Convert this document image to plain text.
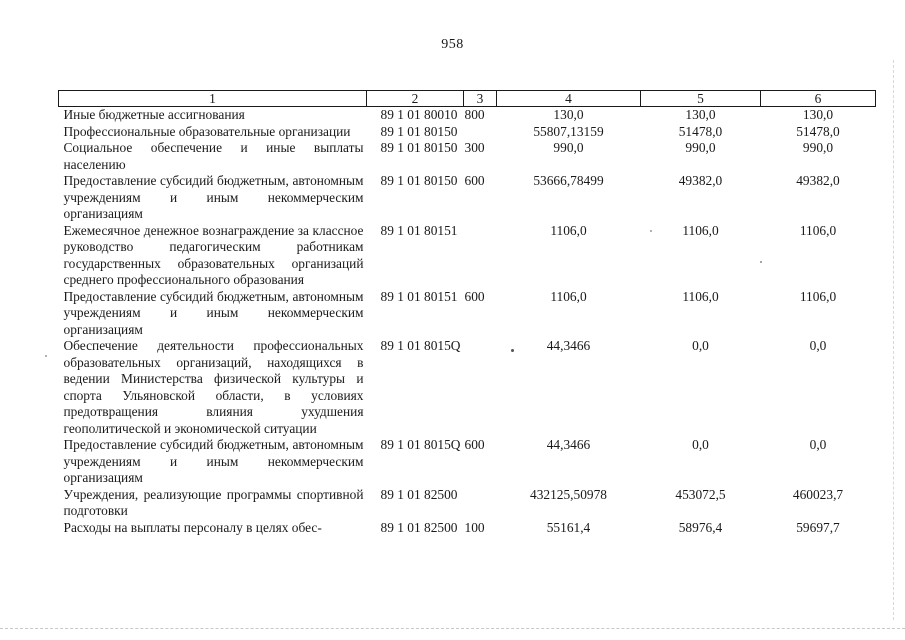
958
1	2	3	4	5	6
Иные бюджетные ассигнования	89 1 01 80010	800	130,0	130,0	130,0
Профессиональные образовательные организации	89 1 01 80150		55807,13159	51478,0	51478,0
Социальное обеспечение и иные выплаты населению	89 1 01 80150	300	990,0	990,0	990,0
Предоставление субсидий бюджетным, автономным учреждениям и иным некоммерческим организациям	89 1 01 80150	600	53666,78499	49382,0	49382,0
Ежемесячное денежное вознаграждение за классное руководство педагогическим работникам государственных образовательных организаций среднего профессионального образования	89 1 01 80151		1106,0	1106,0	1106,0
Предоставление субсидий бюджетным, автономным учреждениям и иным некоммерческим организациям	89 1 01 80151	600	1106,0	1106,0	1106,0
Обеспечение деятельности профессиональных образовательных организаций, находящихся в ведении Министерства физической культуры и спорта Ульяновской области, в условиях предотвращения влияния ухудшения геополитической и экономической ситуации	89 1 01 8015Q		44,3466	0,0	0,0
Предоставление субсидий бюджетным, автономным учреждениям и иным некоммерческим организациям	89 1 01 8015Q	600	44,3466	0,0	0,0
Учреждения, реализующие программы спортивной подготовки	89 1 01 82500		432125,50978	453072,5	460023,7
Расходы на выплаты персоналу в целях обес-	89 1 01 82500	100	55161,4	58976,4	59697,7
